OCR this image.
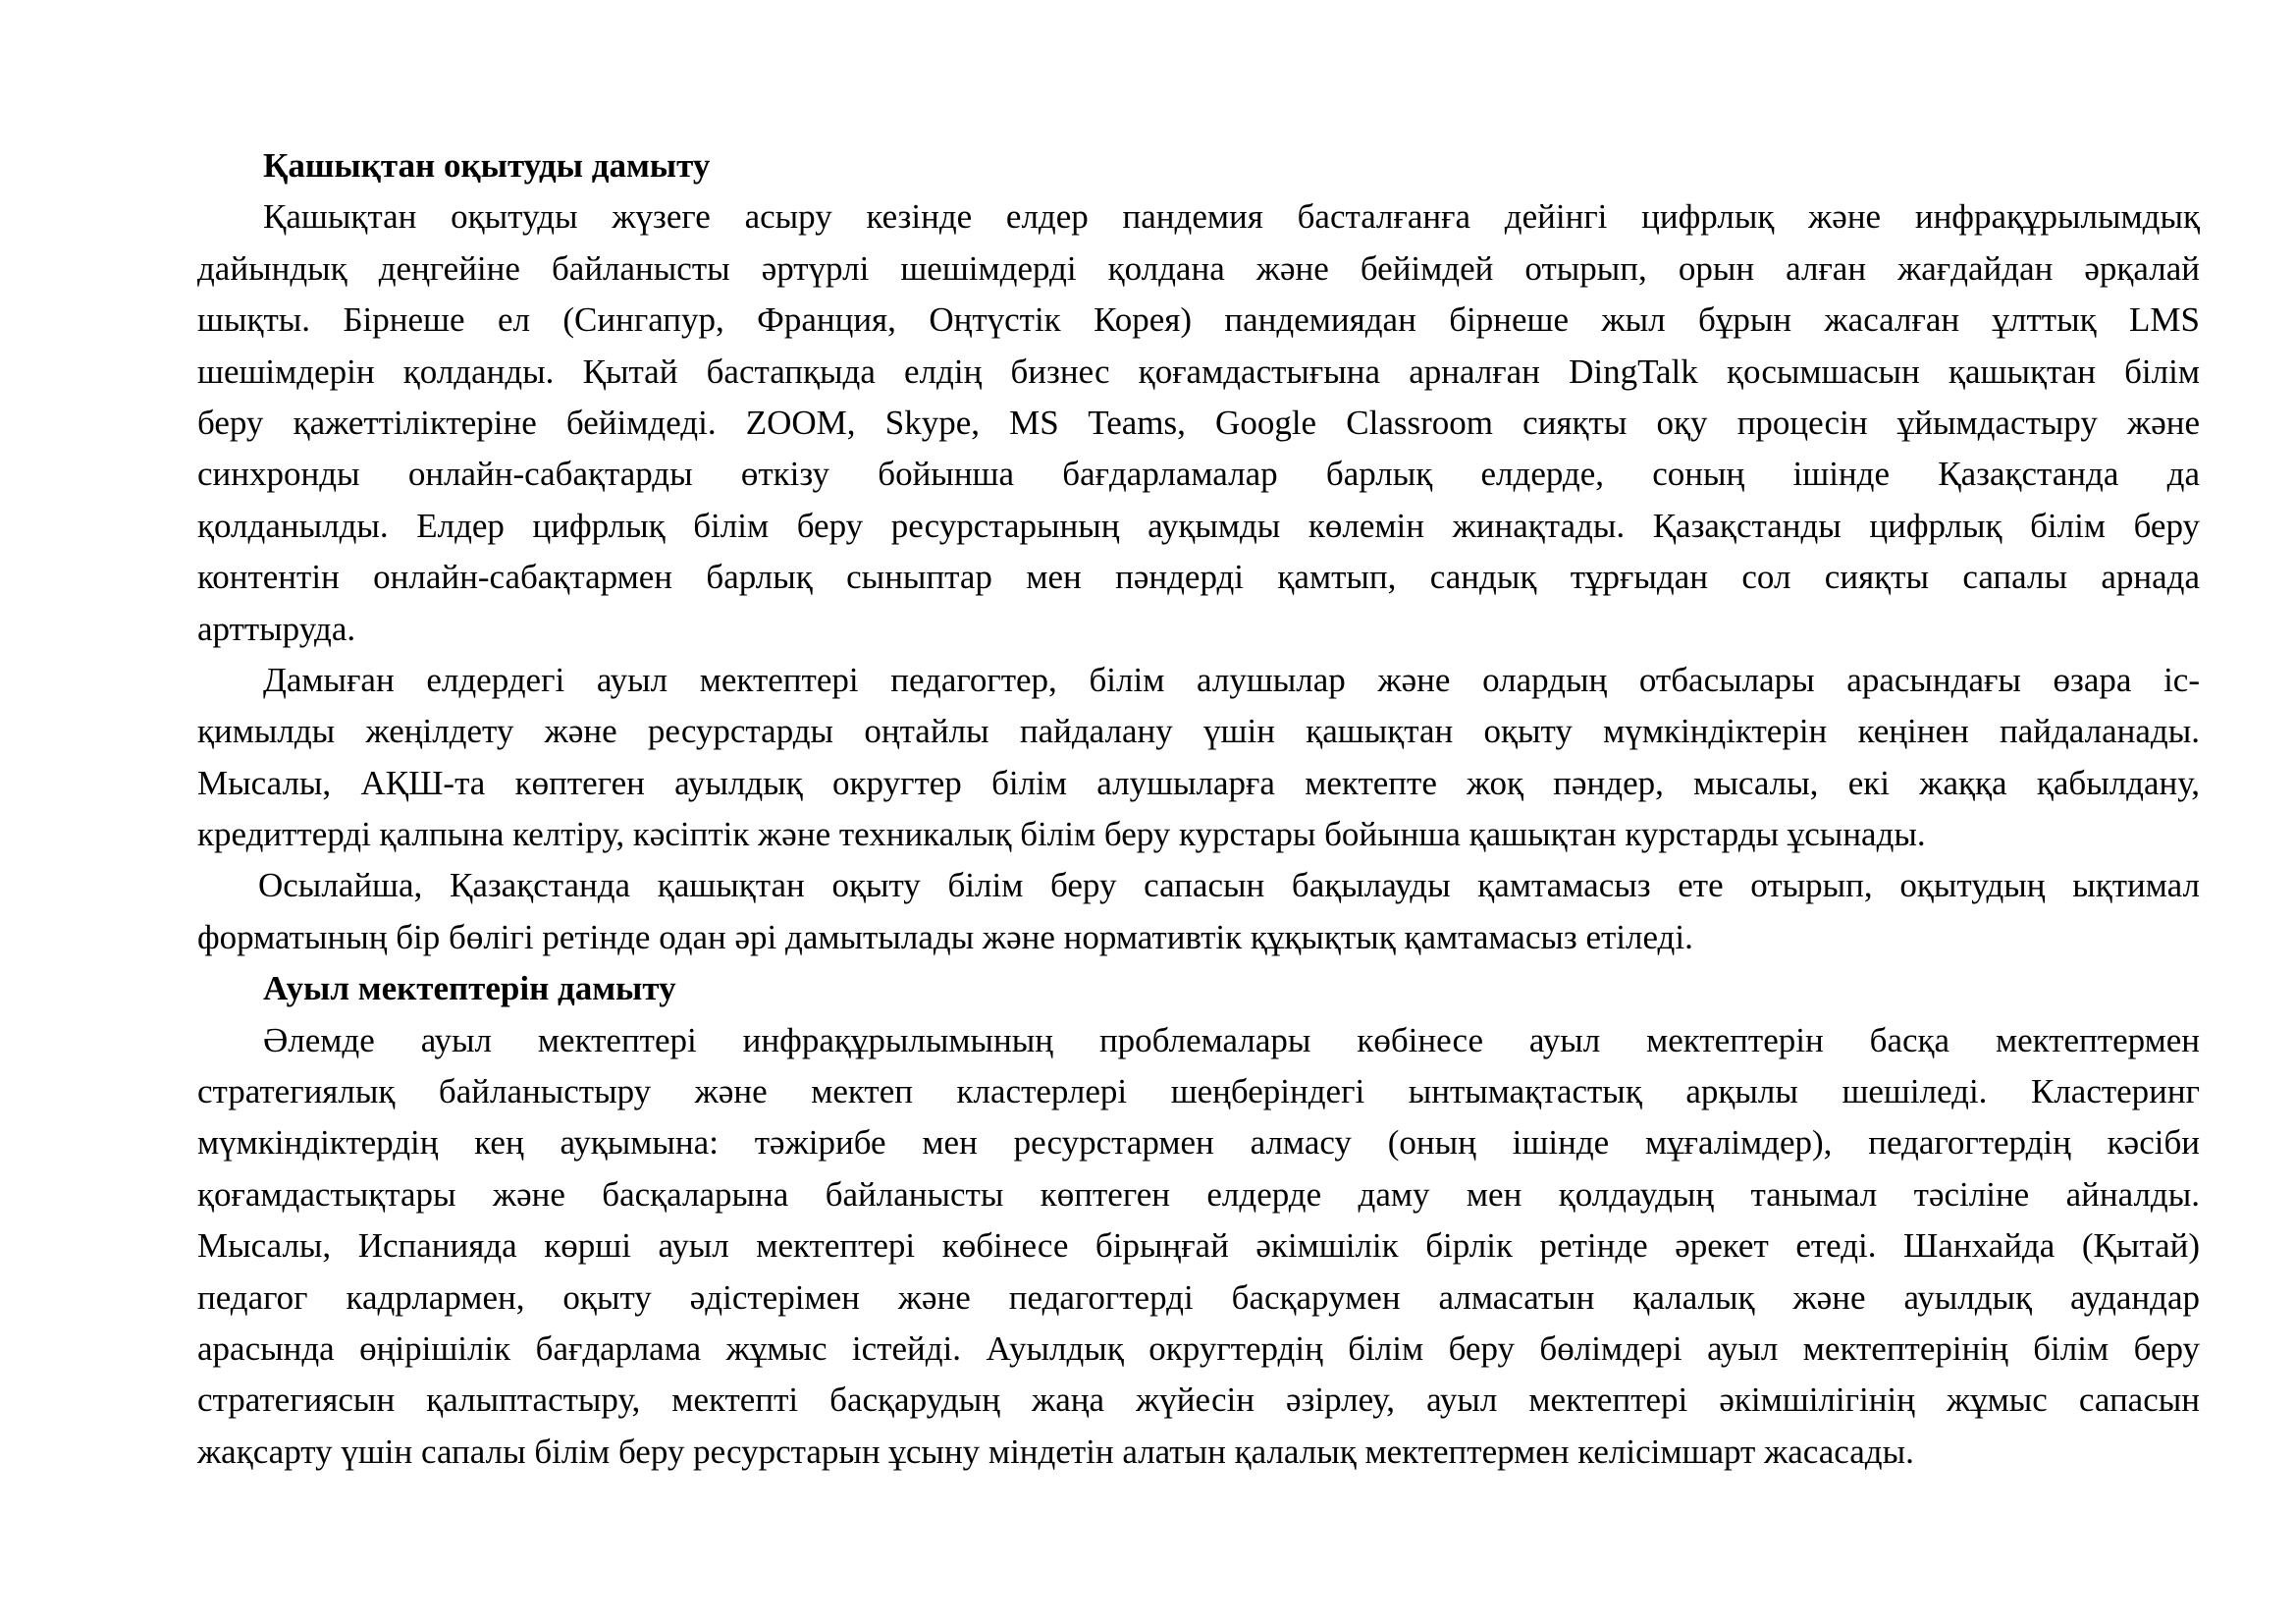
Қашықтан оқытуды дамыту
Қашықтан оқытуды жүзеге асыру кезінде елдер пандемия басталғанға дейінгі цифрлық және инфрақұрылымдық
дайындық деңгейіне байланысты әртүрлі шешімдерді қолдана және бейімдей отырып, орын алған жағдайдан әрқалай
шықты. Бірнеше ел (Сингапур, Франция, Оңтүстік Корея) пандемиядан бірнеше жыл бұрын жасалған ұлттық LMS
шешімдерін қолданды. Қытай бастапқыда елдің бизнес қоғамдастығына арналған DingTalk қосымшасын қашықтан білім
беру қажеттіліктеріне бейімдеді. ZOOM, Skype, MS Teams, Google Classroom сияқты оқу процесін ұйымдастыру және
синхронды онлайн-сабақтарды өткізу бойынша бағдарламалар барлық елдерде, соның ішінде Қазақстанда да
қолданылды. Елдер цифрлық білім беру ресурстарының ауқымды көлемін жинақтады. Қазақстанды цифрлық білім беру
контентін онлайн-сабақтармен барлық сыныптар мен пәндерді қамтып, сандық тұрғыдан сол сияқты сапалы арнада
арттыруда.
Дамыған елдердегі ауыл мектептері педагогтер, білім алушылар және олардың отбасылары арасындағы өзара іс-
қимылды жеңілдету және ресурстарды оңтайлы пайдалану үшін қашықтан оқыту мүмкіндіктерін кеңінен пайдаланады.
Мысалы, АҚШ-та көптеген ауылдық округтер білім алушыларға мектепте жоқ пәндер, мысалы, екі жаққа қабылдану,
кредиттерді қалпына келтіру, кәсіптік және техникалық білім беру курстары бойынша қашықтан курстарды ұсынады.
Осылайша, Қазақстанда қашықтан оқыту білім беру сапасын бақылауды қамтамасыз ете отырып, оқытудың ықтимал
форматының бір бөлігі ретінде одан әрі дамытылады және нормативтік құқықтық қамтамасыз етіледі.
Ауыл мектептерін дамыту
Әлемде ауыл мектептері инфрақұрылымының проблемалары көбінесе ауыл мектептерін басқа мектептермен
стратегиялық байланыстыру және мектеп кластерлері шеңберіндегі ынтымақтастық арқылы шешіледі. Кластеринг
мүмкіндіктердің кең ауқымына: тәжірибе мен ресурстармен алмасу (оның ішінде мұғалімдер), педагогтердің кәсіби
қоғамдастықтары және басқаларына байланысты көптеген елдерде даму мен қолдаудың танымал тәсіліне айналды.
Мысалы, Испанияда көрші ауыл мектептері көбінесе бірыңғай әкімшілік бірлік ретінде әрекет етеді. Шанхайда (Қытай)
педагог кадрлармен, оқыту әдістерімен және педагогтерді басқарумен алмасатын қалалық және ауылдық аудандар
арасында өңірішілік бағдарлама жұмыс істейді. Ауылдық округтердің білім беру бөлімдері ауыл мектептерінің білім беру
стратегиясын қалыптастыру, мектепті басқарудың жаңа жүйесін әзірлеу, ауыл мектептері әкімшілігінің жұмыс сапасын
жақсарту үшін сапалы білім беру ресурстарын ұсыну міндетін алатын қалалық мектептермен келісімшарт жасасады.
